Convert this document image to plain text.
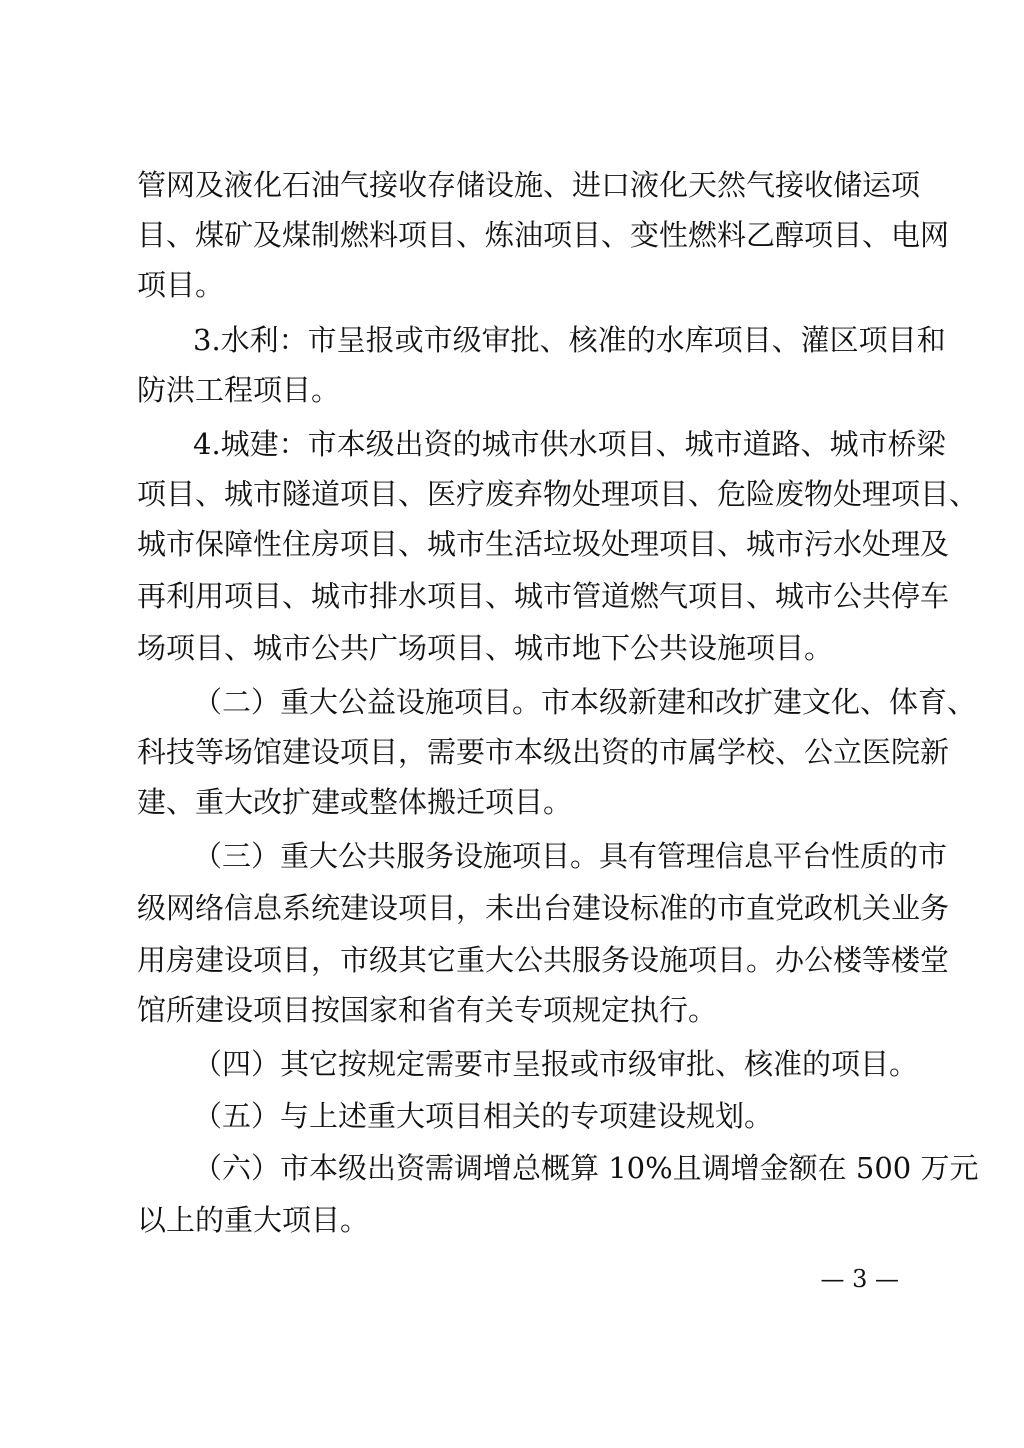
管网及液化石油气接收存储设施、进口液化天然气接收储运项
目、煤矿及煤制燃料项目、炼油项目、变性燃料乙醇项目、电网
项目。
3.水利：市呈报或市级审批、核准的水库项目、灌区项目和
防洪工程项目。
4.城建：市本级出资的城市供水项目、城市道路、城市桥梁
项目、城市隧道项目、医疗废弃物处理项目、危险废物处理项目、
城市保障性住房项目、城市生活垃圾处理项目、城市污水处理及
再利用项目、城市排水项目、城市管道燃气项目、城市公共停车
场项目、城市公共广场项目、城市地下公共设施项目。
（二）重大公益设施项目。市本级新建和改扩建文化、体育、
科技等场馆建设项目，需要市本级出资的市属学校、公立医院新
建、重大改扩建或整体搬迁项目。
（三）重大公共服务设施项目。具有管理信息平台性质的市
级网络信息系统建设项目，未出台建设标准的市直党政机关业务
用房建设项目，市级其它重大公共服务设施项目。办公楼等楼堂
馆所建设项目按国家和省有关专项规定执行。
（四）其它按规定需要市呈报或市级审批、核准的项目。
（五）与上述重大项目相关的专项建设规划。
（六）市本级出资需调增总概算 10%且调增金额在 500 万元
以上的重大项目。
— 3 —
